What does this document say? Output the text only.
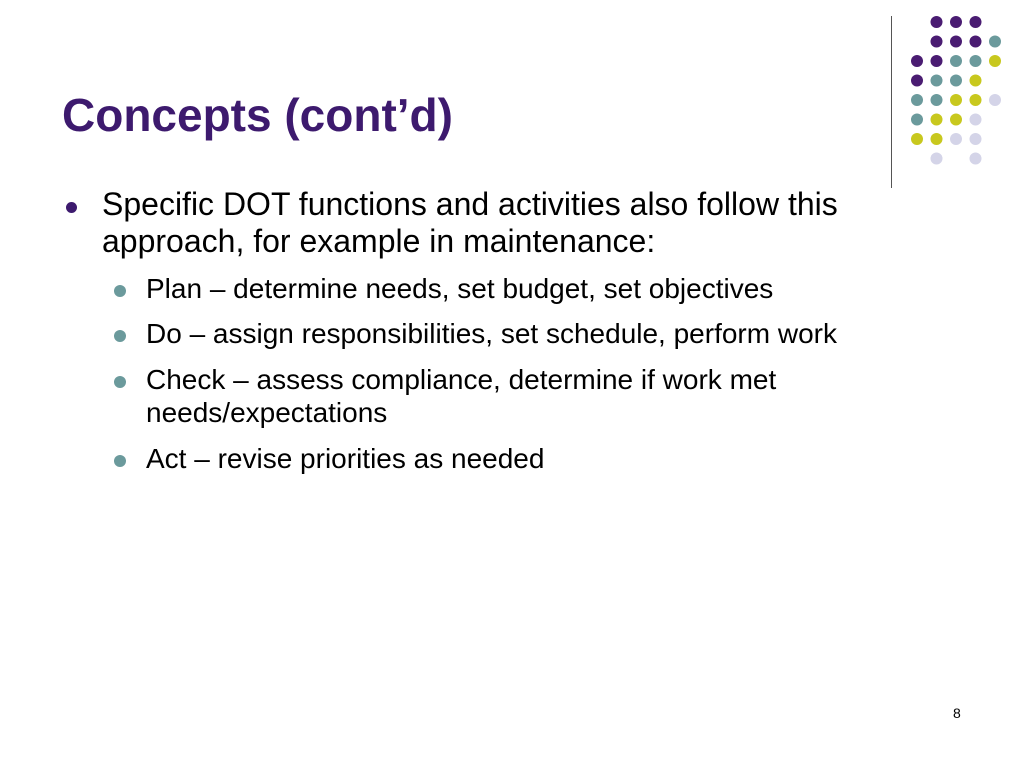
Concepts (cont’d)
Specific DOT functions and activities also follow this approach, for example in maintenance:
Plan – determine needs, set budget, set objectives
Do – assign responsibilities, set schedule, perform work
Check – assess compliance, determine if work met needs/expectations
Act – revise priorities as needed
8
